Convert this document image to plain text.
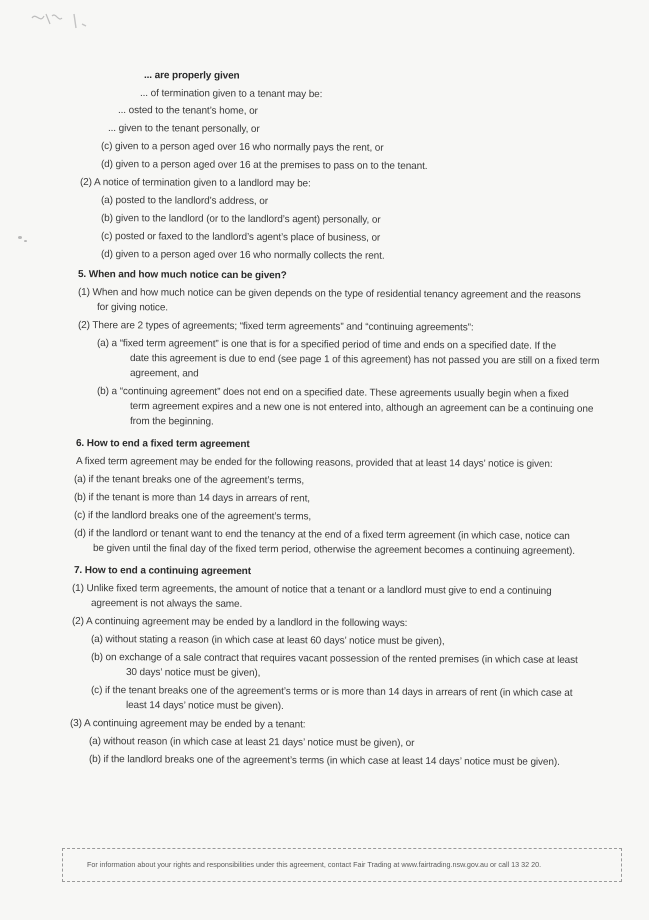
... are properly given

... of termination given to a tenant may be:

... osted to the tenant’s home, or

... given to the tenant personally, or

(c) given to a person aged over 16 who normally pays the rent, or

(d) given to a person aged over 16 at the premises to pass on to the tenant.

(2) A notice of termination given to a landlord may be:

(a) posted to the landlord’s address, or

(b) given to the landlord (or to the landlord’s agent) personally, or

(c) posted or faxed to the landlord’s agent’s place of business, or

(d) given to a person aged over 16 who normally collects the rent.

5. When and how much notice can be given?

(1) When and how much notice can be given depends on the type of residential tenancy agreement and the reasons

for giving notice.

(2) There are 2 types of agreements; “fixed term agreements” and “continuing agreements”:

(a) a “fixed term agreement” is one that is for a specified period of time and ends on a specified date. If the

date this agreement is due to end (see page 1 of this agreement) has not passed you are still on a fixed term

agreement, and

(b) a “continuing agreement” does not end on a specified date. These agreements usually begin when a fixed

term agreement expires and a new one is not entered into, although an agreement can be a continuing one

from the beginning.

6. How to end a fixed term agreement

A fixed term agreement may be ended for the following reasons, provided that at least 14 days’ notice is given:

(a) if the tenant breaks one of the agreement’s terms,

(b) if the tenant is more than 14 days in arrears of rent,

(c) if the landlord breaks one of the agreement’s terms,

(d) if the landlord or tenant want to end the tenancy at the end of a fixed term agreement (in which case, notice can

be given until the final day of the fixed term period, otherwise the agreement becomes a continuing agreement).

7. How to end a continuing agreement

(1) Unlike fixed term agreements, the amount of notice that a tenant or a landlord must give to end a continuing

agreement is not always the same.

(2) A continuing agreement may be ended by a landlord in the following ways:

(a) without stating a reason (in which case at least 60 days’ notice must be given),

(b) on exchange of a sale contract that requires vacant possession of the rented premises (in which case at least

30 days’ notice must be given),

(c) if the tenant breaks one of the agreement’s terms or is more than 14 days in arrears of rent (in which case at

least 14 days’ notice must be given).

(3) A continuing agreement may be ended by a tenant:

(a) without reason (in which case at least 21 days’ notice must be given), or

(b) if the landlord breaks one of the agreement’s terms (in which case at least 14 days’ notice must be given).

For information about your rights and responsibilities under this agreement, contact Fair Trading at www.fairtrading.nsw.gov.au or call 13 32 20.
